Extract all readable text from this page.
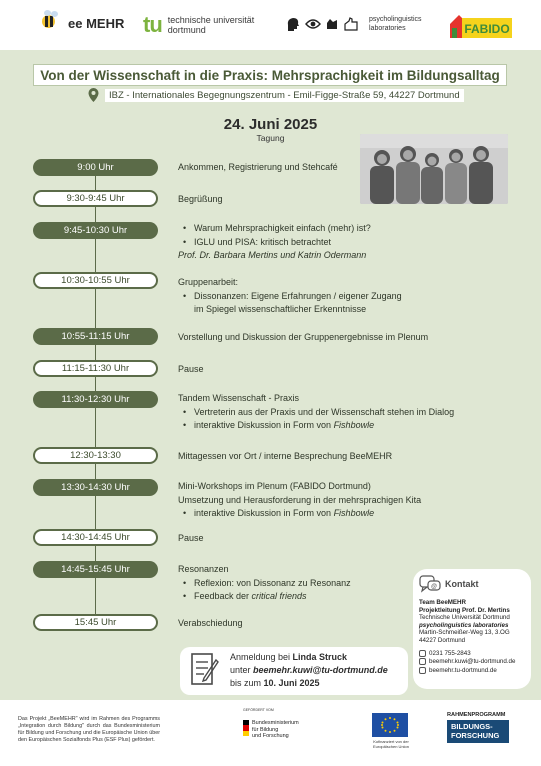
ee MEHR tu technische universität
dortmund
psycholinguistics
laboratories	FABIDO
Von der Wissenschaft in die Praxis: Mehrsprachigkeit im Bildungsalltag
IBZ - Internationales Begegnungszentrum - Emil-Figge-Straße 59, 44227 Dortmund
24. Juni 2025
Tagung
9:00 Uhr
9:30-9:45 Uhr
9:45-10:30 Uhr
10:30-10:55 Uhr
10:55-11:15 Uhr
11:15-11:30 Uhr
11:30-12:30 Uhr
12:30-13:30
13:30-14:30 Uhr
14:30-14:45 Uhr
14:45-15:45 Uhr
15:45 Uhr
Ankommen, Registrierung und Stehcafé
Begrüßung
• Warum Mehrsprachigkeit einfach (mehr) ist?
• IGLU und PISA: kritisch betrachtet
Prof. Dr. Barbara Mertins und Katrin Odermann
Gruppenarbeit:
• Dissonanzen: Eigene Erfahrungen / eigener Zugang
im Spiegel wissenschaftlicher Erkenntnisse
Vorstellung und Diskussion der Gruppenergebnisse im Plenum
Pause
Tandem Wissenschaft - Praxis
• Vertreterin aus der Praxis und der Wissenschaft stehen im Dialog
• interaktive Diskussion in Form von Fishbowle
Mittagessen vor Ort / interne Besprechung BeeMEHR
Mini-Workshops im Plenum (FABIDO Dortmund)
Umsetzung und Herausforderung in der mehrsprachigen Kita
• interaktive Diskussion in Form von Fishbowle
Pause
Resonanzen
• Reflexion: von Dissonanz zu Resonanz
• Feedback der critical friends
Verabschiedung
@ Kontakt

Team BeeMEHR

Projektleitung Prof. Dr. Mertins

Technische Universität Dortmund

psycholinguistics laboratories

Martin-Schmeißer-Weg 13, 3.OG

44227 Dortmund

0231 755-2843

beemehr.kuwi@tu-dortmund.de

beemehr.tu-dortmund.de

Anmeldung bei Linda Struck
unter beemehr.kuwi@tu-dortmund.de
bis zum 10. Juni 2025
Das Projekt „BeeMEHR" wird im Rahmen des Programms „Integration durch Bildung" durch das Bundesministerium für Bildung und Forschung und die Europäische Union über den Europäischen Sozialfonds Plus (ESF Plus) gefördert.
GEFÖRDERT VOM
Bundesministerium
für Bildung
und Forschung
Kofinanziert von der Europäischen Union
RAHMENPROGRAMM
BILDUNGS-
FORSCHUNG
